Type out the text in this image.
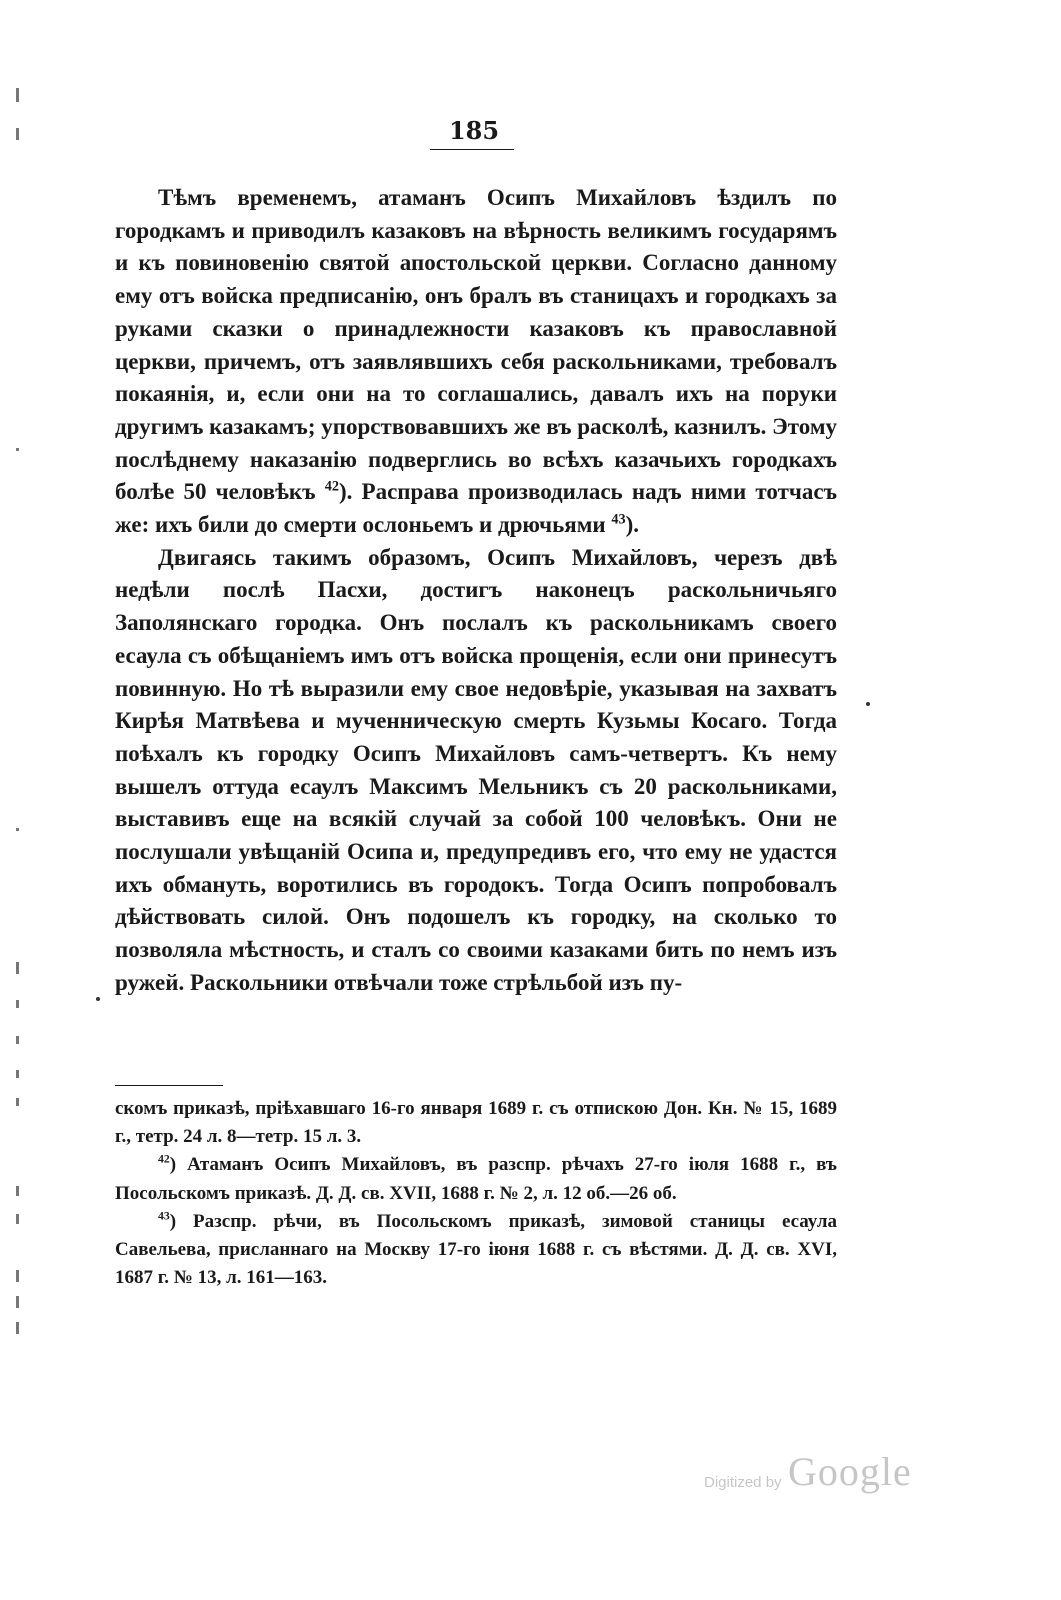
185

Тѣмъ временемъ, атаманъ Осипъ Михайловъ ѣздилъ по городкамъ и приводилъ казаковъ на вѣрность великимъ государямъ и къ повиновенію святой апостольской церкви. Согласно данному ему отъ войска предписанію, онъ бралъ въ станицахъ и городкахъ за руками сказки о принадлежности казаковъ къ православной церкви, причемъ, отъ заявлявшихъ себя раскольниками, требовалъ покаянія, и, если они на то соглашались, давалъ ихъ на поруки другимъ казакамъ; упорствовавшихъ же въ расколѣ, казнилъ. Этому послѣднему наказанію подверглись во всѣхъ казачьихъ городкахъ болѣе 50 человѣкъ $^{42}$). Расправа производилась надъ ними тотчасъ же: ихъ били до смерти ослоньемъ и дрючьями $^{43}$).

Двигаясь такимъ образомъ, Осипъ Михайловъ, черезъ двѣ недѣли послѣ Пасхи, достигъ наконецъ раскольничьяго Заполянскаго городка. Онъ послалъ къ раскольникамъ своего есаула съ обѣщаніемъ имъ отъ войска прощенія, если они принесутъ повинную. Но тѣ выразили ему свое недовѣріе, указывая на захватъ Кирѣя Матвѣева и мученническую смерть Кузьмы Косаго. Тогда поѣхалъ къ городку Осипъ Михайловъ самъ-четвертъ. Къ нему вышелъ оттуда есаулъ Максимъ Мельникъ съ 20 раскольниками, выставивъ еще на всякій случай за собой 100 человѣкъ. Они не послушали увѣщаній Осипа и, предупредивъ его, что ему не удастся ихъ обмануть, воротились въ городокъ. Тогда Осипъ попробовалъ дѣйствовать силой. Онъ подошелъ къ городку, на сколько то позволяла мѣстность, и сталъ со своими казаками бить по немъ изъ ружей. Раскольники отвѣчали тоже стрѣльбой изъ пу-

скомъ приказѣ, пріѣхавшаго 16-го января 1689 г. съ отпискою Дон. Кн. № 15, 1689 г., тетр. 24 л. 8—тетр. 15 л. 3.

$^{42}$) Атаманъ Осипъ Михайловъ, въ разспр. рѣчахъ 27-го іюля 1688 г., въ Посольскомъ приказѣ. Д. Д. св. XVII, 1688 г. № 2, л. 12 об.—26 об.

$^{43}$) Разспр. рѣчи, въ Посольскомъ приказѣ, зимовой станицы есаула Савельева, присланнаго на Москву 17-го іюня 1688 г. съ вѣстями. Д. Д. св. XVI, 1687 г. № 13, л. 161—163.

Digitized by Google
